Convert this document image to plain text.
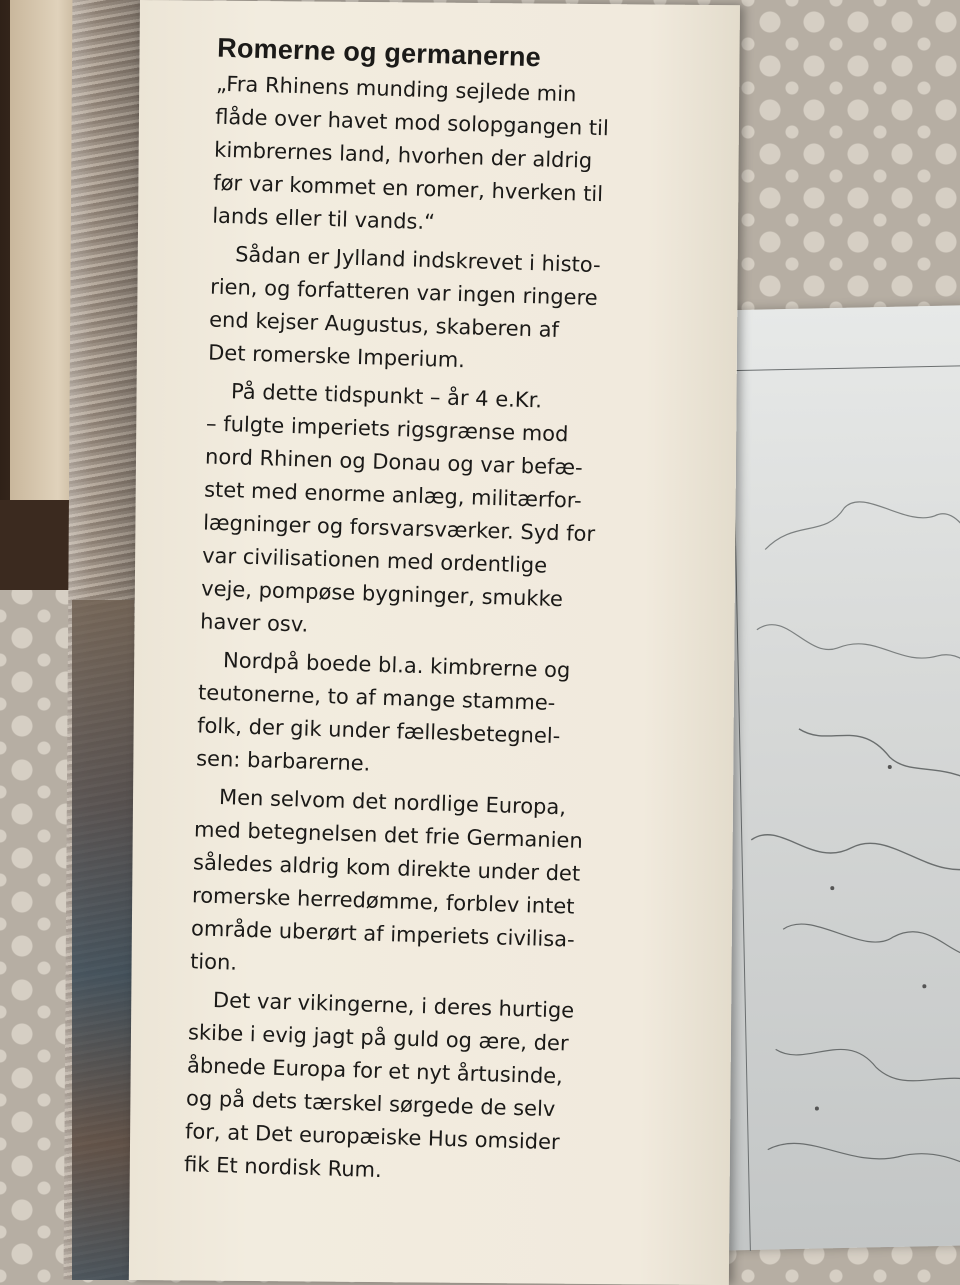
Romerne og germanerne

„Fra Rhinens munding sejlede min
flåde over havet mod solopgangen til
kimbrernes land, hvorhen der aldrig
før var kommet en romer, hverken til
lands eller til vands.“

Sådan er Jylland indskrevet i histo-
rien, og forfatteren var ingen ringere
end kejser Augustus, skaberen af
Det romerske Imperium.

På dette tidspunkt – år 4 e.Kr.
– fulgte imperiets rigsgrænse mod
nord Rhinen og Donau og var befæ-
stet med enorme anlæg, militærfor-
lægninger og forsvarsværker. Syd for
var civilisationen med ordentlige
veje, pompøse bygninger, smukke
haver osv.

Nordpå boede bl.a. kimbrerne og
teutonerne, to af mange stamme-
folk, der gik under fællesbetegnel-
sen: barbarerne.

Men selvom det nordlige Europa,
med betegnelsen det frie Germanien
således aldrig kom direkte under det
romerske herredømme, forblev intet
område uberørt af imperiets civilisa-
tion.

Det var vikingerne, i deres hurtige
skibe i evig jagt på guld og ære, der
åbnede Europa for et nyt årtusinde,
og på dets tærskel sørgede de selv
for, at Det europæiske Hus omsider
fik Et nordisk Rum.
